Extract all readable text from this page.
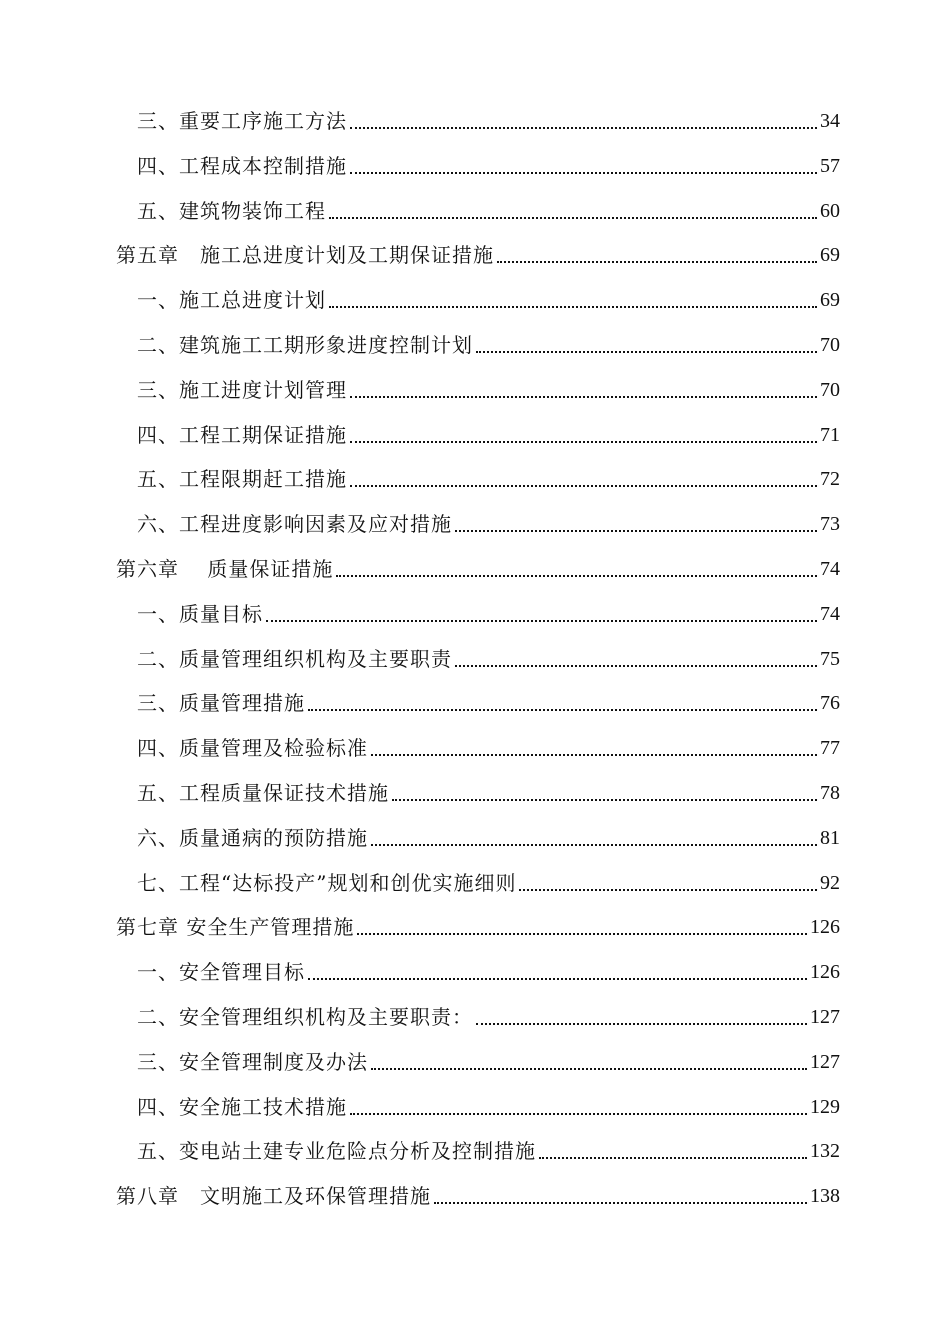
三、重要工序施工方法	34
四、工程成本控制措施	57
五、建筑物装饰工程	60
第五章　施工总进度计划及工期保证措施	69
一、施工总进度计划	69
二、建筑施工工期形象进度控制计划	70
三、施工进度计划管理	70
四、工程工期保证措施	71
五、工程限期赶工措施	72
六、工程进度影响因素及应对措施	73
第六章　 质量保证措施	74
一、质量目标	74
二、质量管理组织机构及主要职责	75
三、质量管理措施	76
四、质量管理及检验标准	77
五、工程质量保证技术措施	78
六、质量通病的预防措施	81
七、工程“达标投产”规划和创优实施细则	92
第七章 安全生产管理措施	126
一、安全管理目标	126
二、安全管理组织机构及主要职责：	127
三、安全管理制度及办法	127
四、安全施工技术措施	129
五、变电站土建专业危险点分析及控制措施	132
第八章　文明施工及环保管理措施	138
